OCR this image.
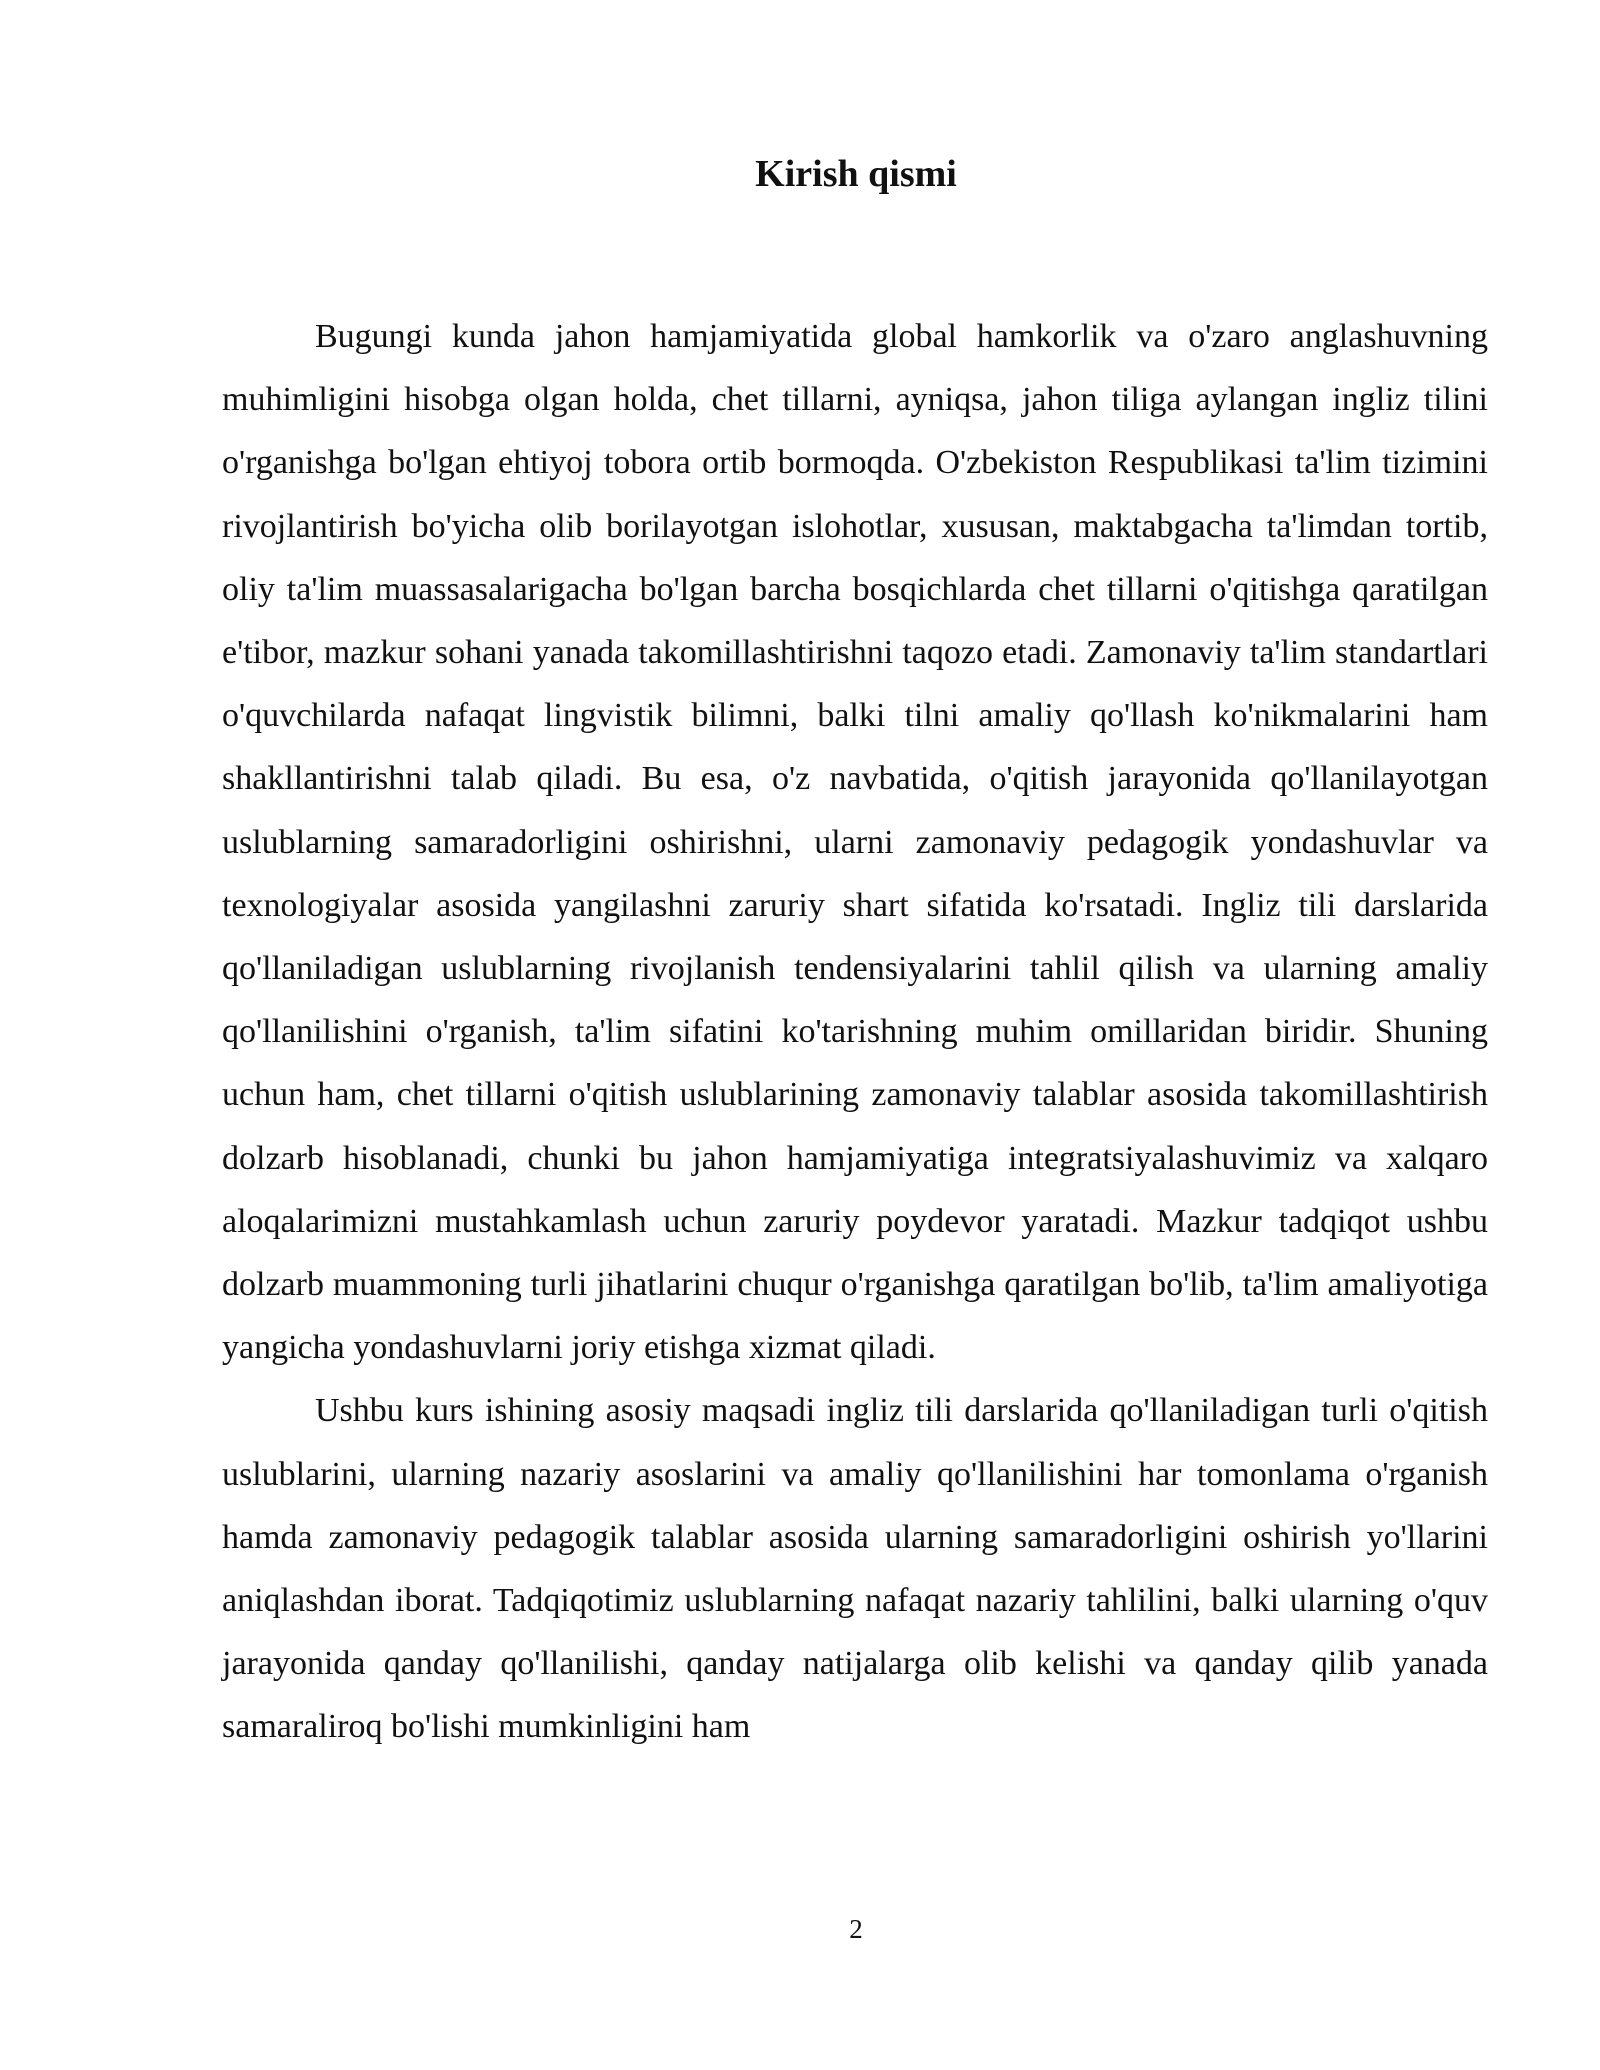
Kirish qismi

Bugungi kunda jahon hamjamiyatida global hamkorlik va o'zaro anglashuvning muhimligini hisobga olgan holda, chet tillarni, ayniqsa, jahon tiliga aylangan ingliz tilini o'rganishga bo'lgan ehtiyoj tobora ortib bormoqda. O'zbekiston Respublikasi ta'lim tizimini rivojlantirish bo'yicha olib borilayotgan islohotlar, xususan, maktabgacha ta'limdan tortib, oliy ta'lim muassasalarigacha bo'lgan barcha bosqichlarda chet tillarni o'qitishga qaratilgan e'tibor, mazkur sohani yanada takomillashtirishni taqozo etadi. Zamonaviy ta'lim standartlari o'quvchilarda nafaqat lingvistik bilimni, balki tilni amaliy qo'llash ko'nikmalarini ham shakllantirishni talab qiladi. Bu esa, o'z navbatida, o'qitish jarayonida qo'llanilayotgan uslublarning samaradorligini oshirishni, ularni zamonaviy pedagogik yondashuvlar va texnologiyalar asosida yangilashni zaruriy shart sifatida ko'rsatadi. Ingliz tili darslarida qo'llaniladigan uslublarning rivojlanish tendensiyalarini tahlil qilish va ularning amaliy qo'llanilishini o'rganish, ta'lim sifatini ko'tarishning muhim omillaridan biridir. Shuning uchun ham, chet tillarni o'qitish uslublarining zamonaviy talablar asosida takomillashtirish dolzarb hisoblanadi, chunki bu jahon hamjamiyatiga integratsiyalashuvimiz va xalqaro aloqalarimizni mustahkamlash uchun zaruriy poydevor yaratadi. Mazkur tadqiqot ushbu dolzarb muammoning turli jihatlarini chuqur o'rganishga qaratilgan bo'lib, ta'lim amaliyotiga yangicha yondashuvlarni joriy etishga xizmat qiladi.

Ushbu kurs ishining asosiy maqsadi ingliz tili darslarida qo'llaniladigan turli o'qitish uslublarini, ularning nazariy asoslarini va amaliy qo'llanilishini har tomonlama o'rganish hamda zamonaviy pedagogik talablar asosida ularning samaradorligini oshirish yo'llarini aniqlashdan iborat. Tadqiqotimiz uslublarning nafaqat nazariy tahlilini, balki ularning o'quv jarayonida qanday qo'llanilishi, qanday natijalarga olib kelishi va qanday qilib yanada samaraliroq bo'lishi mumkinligini ham

2
